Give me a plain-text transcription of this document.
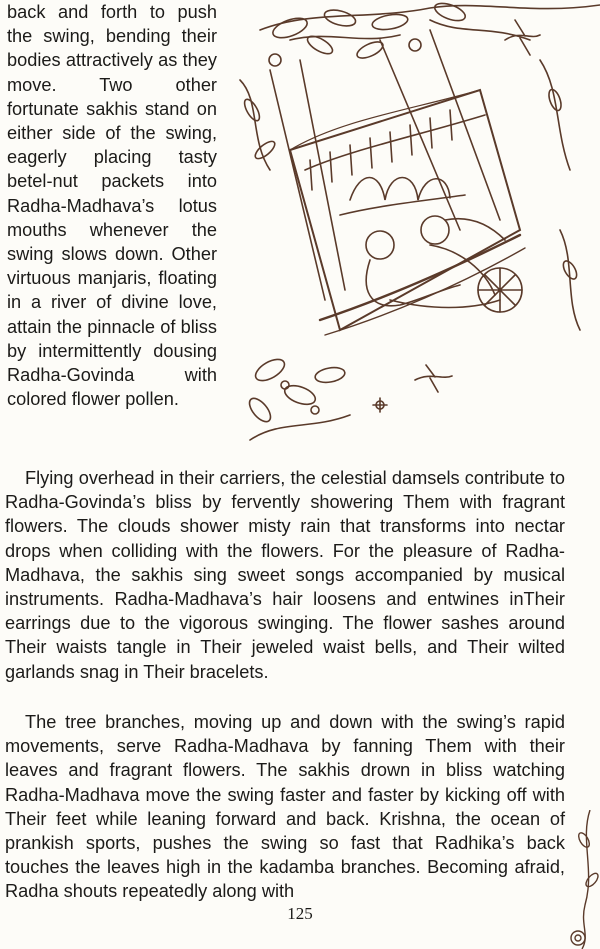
back and forth to push the swing, bending their bodies attractively as they move. Two other fortunate sakhis stand on either side of the swing, eagerly placing tasty betel-nut packets into Radha-Madhava’s lotus mouths whenever the swing slows down. Other virtuous manjaris, floating in a river of divine love, attain the pinnacle of bliss by intermittently dousing Radha-Govinda with colored flower pollen.

Flying overhead in their carriers, the celestial damsels contribute to Radha-Govinda’s bliss by fervently showering Them with fragrant flowers. The clouds shower misty rain that transforms into nectar drops when colliding with the flowers. For the pleasure of Radha-Madhava, the sakhis sing sweet songs accompanied by musical instruments. Radha-Madhava’s hair loosens and entwines inTheir earrings due to the vigorous swinging. The flower sashes around Their waists tangle in Their jeweled waist bells, and Their wilted garlands snag in Their bracelets.

The tree branches, moving up and down with the swing’s rapid movements, serve Radha-Madhava by fanning Them with their leaves and fragrant flowers. The sakhis drown in bliss watching Radha-Madhava move the swing faster and faster by kicking off with Their feet while leaning forward and back. Krishna, the ocean of prankish sports, pushes the swing so fast that Radhika’s back touches the leaves high in the kadamba branches. Becoming afraid, Radha shouts repeatedly along with

125
